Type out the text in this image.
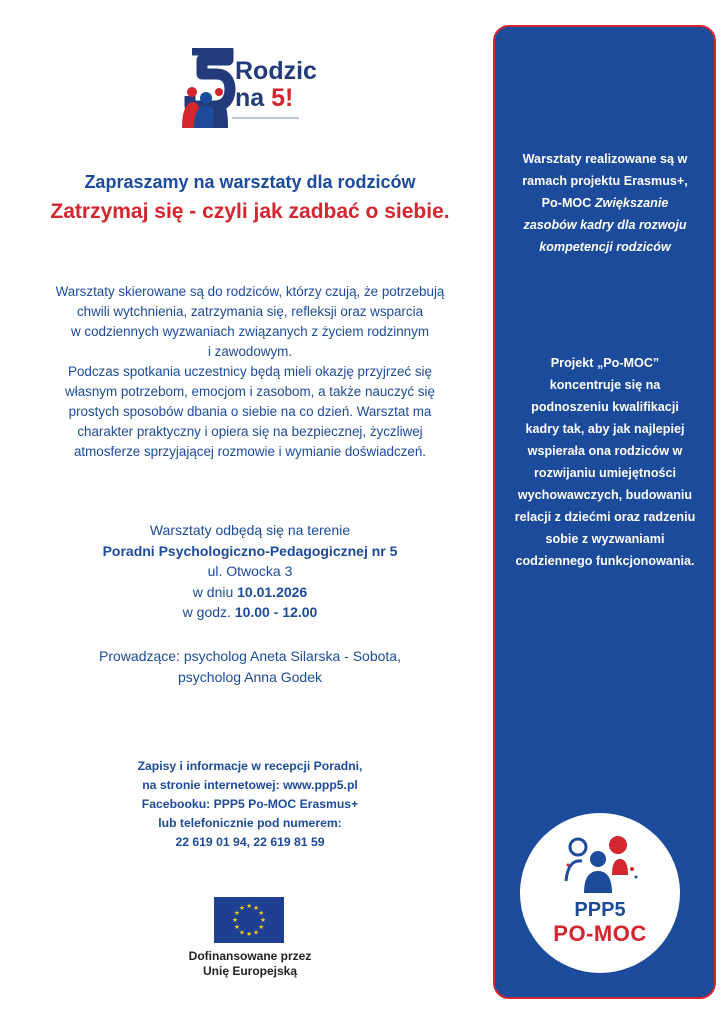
Rodzic
na 5!
Zapraszamy na warsztaty dla rodziców
Zatrzymaj się - czyli jak zadbać o siebie.
Warsztaty skierowane są do rodziców, którzy czują, że potrzebują
chwili wytchnienia, zatrzymania się, refleksji oraz wsparcia
w codziennych wyzwaniach związanych z życiem rodzinnym
i zawodowym.
Podczas spotkania uczestnicy będą mieli okazję przyjrzeć się
własnym potrzebom, emocjom i zasobom, a także nauczyć się
prostych sposobów dbania o siebie na co dzień. Warsztat ma
charakter praktyczny i opiera się na bezpiecznej, życzliwej
atmosferze sprzyjającej rozmowie i wymianie doświadczeń.
Warsztaty odbędą się na terenie
Poradni Psychologiczno-Pedagogicznej nr 5
ul. Otwocka 3
w dniu 10.01.2026
w godz. 10.00 - 12.00
Prowadzące: psycholog Aneta Silarska - Sobota,
psycholog Anna Godek
Zapisy i informacje w recepcji Poradni,
na stronie internetowej: www.ppp5.pl
Facebooku: PPP5 Po-MOC Erasmus+
lub telefonicznie pod numerem:
22 619 01 94, 22 619 81 59
★
★
★
★
★
★
★
★
★ ★ ★
★
Dofinansowane przez
Unię Europejską
Warsztaty realizowane są w
ramach projektu Erasmus+,
Po-MOC Zwiększanie
zasobów kadry dla rozwoju
kompetencji rodziców
Projekt „Po-MOC”
koncentruje się na
podnoszeniu kwalifikacji
kadry tak, aby jak najlepiej
wspierała ona rodziców w
rozwijaniu umiejętności
wychowawczych, budowaniu
relacji z dziećmi oraz radzeniu
sobie z wyzwaniami
codziennego funkcjonowania.
PPP5
PO-MOC
